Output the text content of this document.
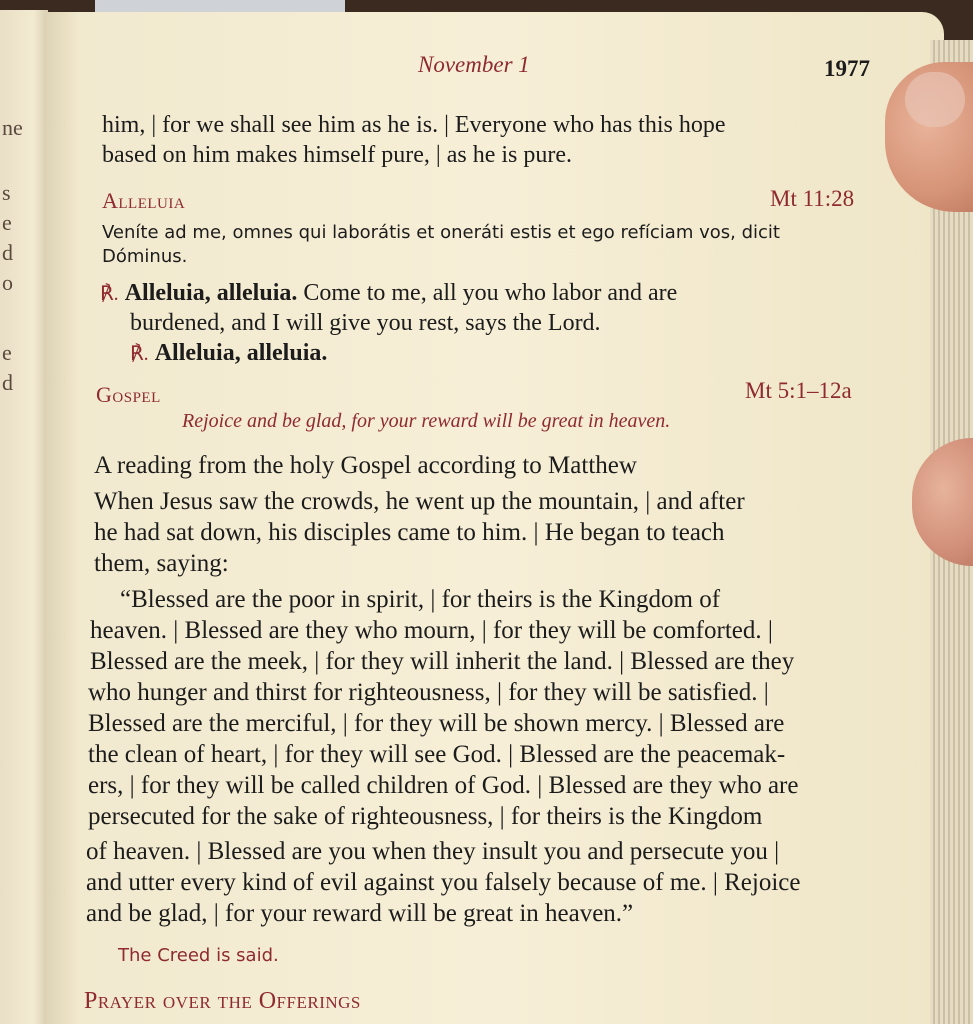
ne
s
e
d
o
e
d
November 1	1977
him, | for we shall see him as he is. | Everyone who has this hope
based on him makes himself pure, | as he is pure.
Alleluia	Mt 11:28
Veníte ad me, omnes qui laborátis et oneráti estis et ego refíciam vos, dicit
Dóminus.
℟. Alleluia, alleluia. Come to me, all you who labor and are
burdened, and I will give you rest, says the Lord.
℟. Alleluia, alleluia.
Gospel	Mt 5:1–12a
Rejoice and be glad, for your reward will be great in heaven.
A reading from the holy Gospel according to Matthew
When Jesus saw the crowds, he went up the mountain, | and after
he had sat down, his disciples came to him. | He began to teach
them, saying:
“Blessed are the poor in spirit, | for theirs is the Kingdom of
heaven. | Blessed are they who mourn, | for they will be comforted. |
Blessed are the meek, | for they will inherit the land. | Blessed are they
who hunger and thirst for righteousness, | for they will be satisfied. |
Blessed are the merciful, | for they will be shown mercy. | Blessed are
the clean of heart, | for they will see God. | Blessed are the peacemak-
ers, | for they will be called children of God. | Blessed are they who are
persecuted for the sake of righteousness, | for theirs is the Kingdom
of heaven. | Blessed are you when they insult you and persecute you |
and utter every kind of evil against you falsely because of me. | Rejoice
and be glad, | for your reward will be great in heaven.”
The Creed is said.
Prayer over the Offerings
